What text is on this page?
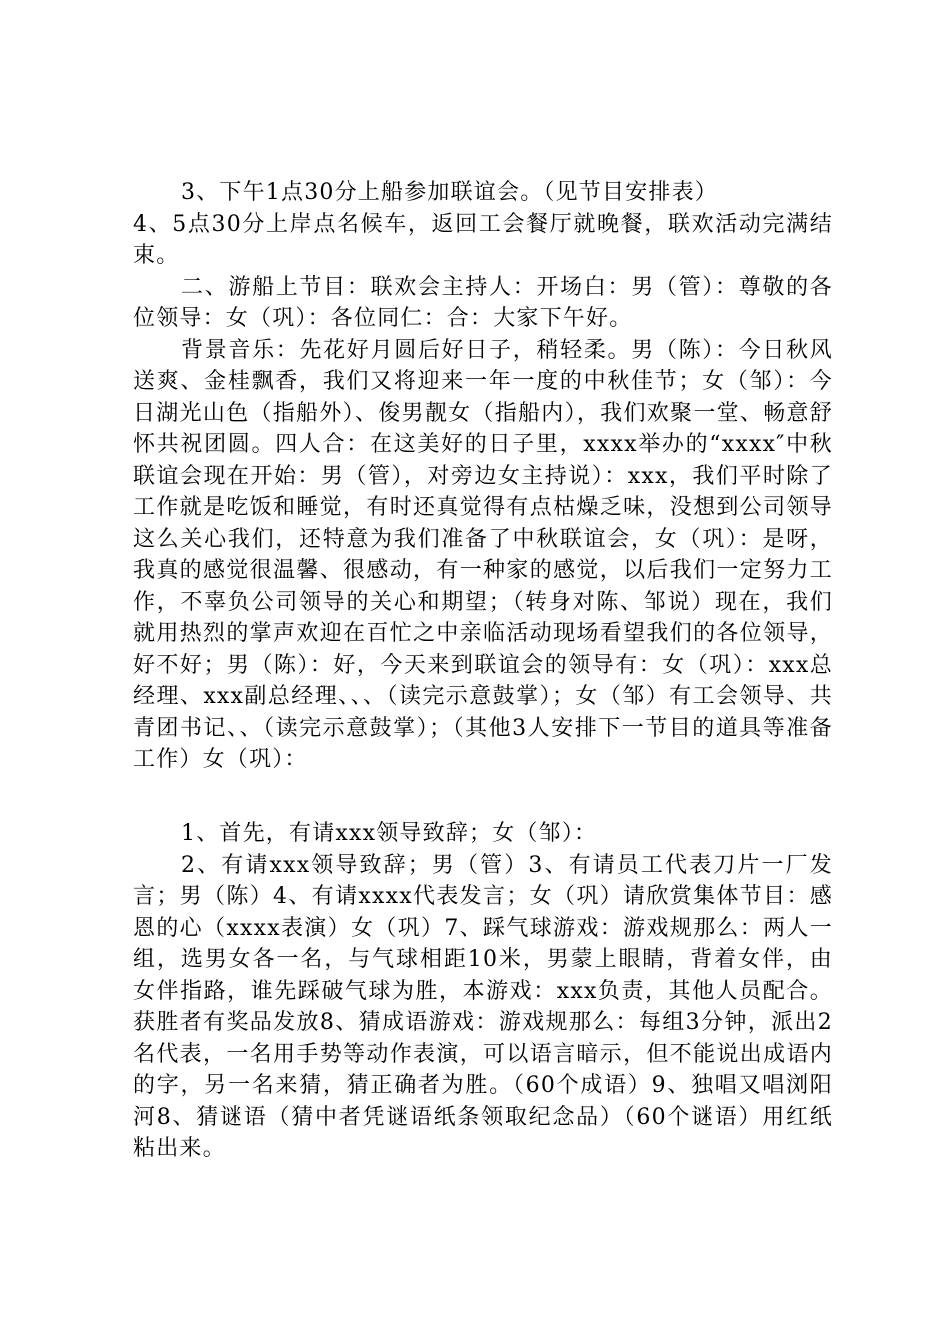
3、下午1点30分上船参加联谊会。（见节目安排表）

4、5点30分上岸点名候车，返回工会餐厅就晚餐，联欢活动完满结束。

二、游船上节目：联欢会主持人：开场白：男（管）：尊敬的各位领导：女（巩）：各位同仁：合：大家下午好。

背景音乐：先花好月圆后好日子，稍轻柔。男（陈）：今日秋风送爽、金桂飘香，我们又将迎来一年一度的中秋佳节；女（邹）：今日湖光山色（指船外）、俊男靓女（指船内），我们欢聚一堂、畅意舒怀共祝团圆。四人合：在这美好的日子里，xxxx举办的“xxxx″中秋联谊会现在开始：男（管），对旁边女主持说）：xxx，我们平时除了工作就是吃饭和睡觉，有时还真觉得有点枯燥乏味，没想到公司领导这么关心我们，还特意为我们准备了中秋联谊会，女（巩）：是呀，我真的感觉很温馨、很感动，有一种家的感觉，以后我们一定努力工作，不辜负公司领导的关心和期望；（转身对陈、邹说）现在，我们就用热烈的掌声欢迎在百忙之中亲临活动现场看望我们的各位领导，好不好；男（陈）：好，今天来到联谊会的领导有：女（巩）：xxx总经理、xxx副总经理、、、（读完示意鼓掌）；女（邹）有工会领导、共青团书记、、（读完示意鼓掌）；（其他3人安排下一节目的道具等准备工作）女（巩）：

1、首先，有请xxx领导致辞；女（邹）：

2、有请xxx领导致辞；男（管）3、有请员工代表刀片一厂发言；男（陈）4、有请xxxx代表发言；女（巩）请欣赏集体节目：感恩的心（xxxx表演）女（巩）7、踩气球游戏：游戏规那么：两人一组，选男女各一名，与气球相距10米，男蒙上眼睛，背着女伴，由女伴指路，谁先踩破气球为胜，本游戏：xxx负责，其他人员配合。获胜者有奖品发放8、猜成语游戏：游戏规那么：每组3分钟，派出2名代表，一名用手势等动作表演，可以语言暗示，但不能说出成语内的字，另一名来猜，猜正确者为胜。（60个成语）9、独唱又唱浏阳河8、猜谜语（猜中者凭谜语纸条领取纪念品）（60个谜语）用红纸粘出来。
